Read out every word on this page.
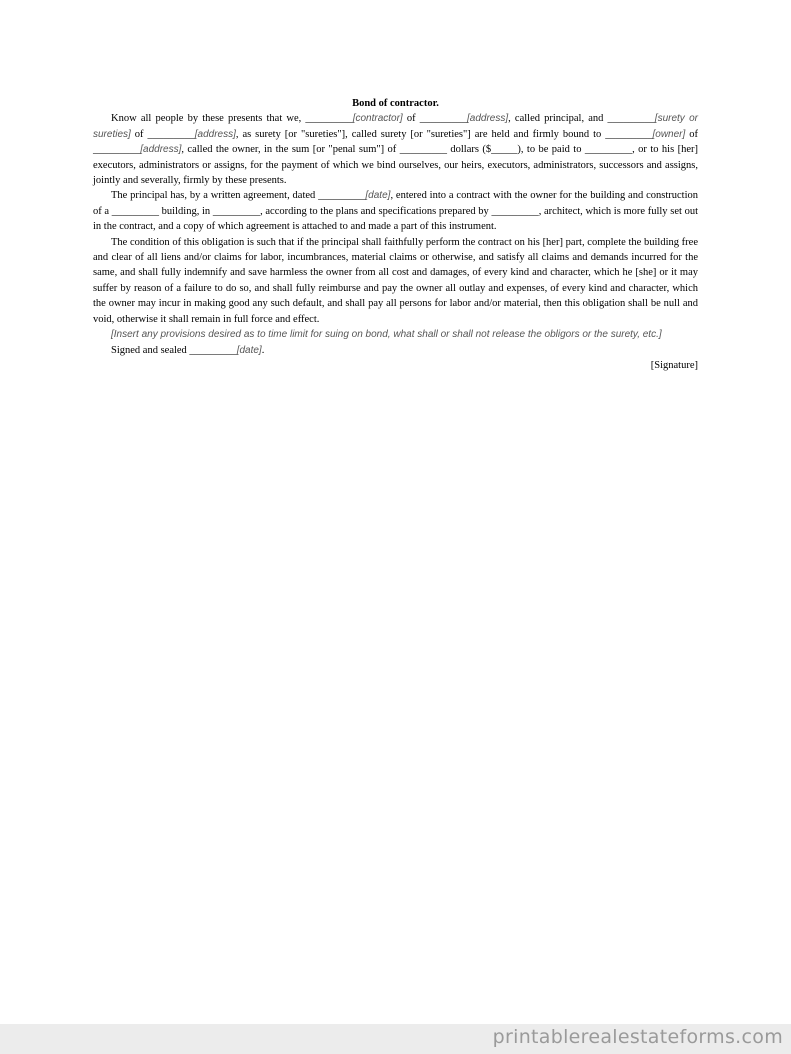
Bond of contractor.

Know all people by these presents that we, _________[contractor] of _________[address], called principal, and _________[surety or sureties] of _________[address], as surety [or "sureties"], called surety [or "sureties"] are held and firmly bound to _________[owner] of _________[address], called the owner, in the sum [or "penal sum"] of _________ dollars ($_____), to be paid to _________, or to his [her] executors, administrators or assigns, for the payment of which we bind ourselves, our heirs, executors, administrators, successors and assigns, jointly and severally, firmly by these presents.

The principal has, by a written agreement, dated _________[date], entered into a contract with the owner for the building and construction of a _________ building, in _________, according to the plans and specifications prepared by _________, architect, which is more fully set out in the contract, and a copy of which agreement is attached to and made a part of this instrument.

The condition of this obligation is such that if the principal shall faithfully perform the contract on his [her] part, complete the building free and clear of all liens and/or claims for labor, incumbrances, material claims or otherwise, and satisfy all claims and demands incurred for the same, and shall fully indemnify and save harmless the owner from all cost and damages, of every kind and character, which he [she] or it may suffer by reason of a failure to do so, and shall fully reimburse and pay the owner all outlay and expenses, of every kind and character, which the owner may incur in making good any such default, and shall pay all persons for labor and/or material, then this obligation shall be null and void, otherwise it shall remain in full force and effect.

[Insert any provisions desired as to time limit for suing on bond, what shall or shall not release the obligors or the surety, etc.]

Signed and sealed _________[date].

[Signature]
printablerealestateforms.com
